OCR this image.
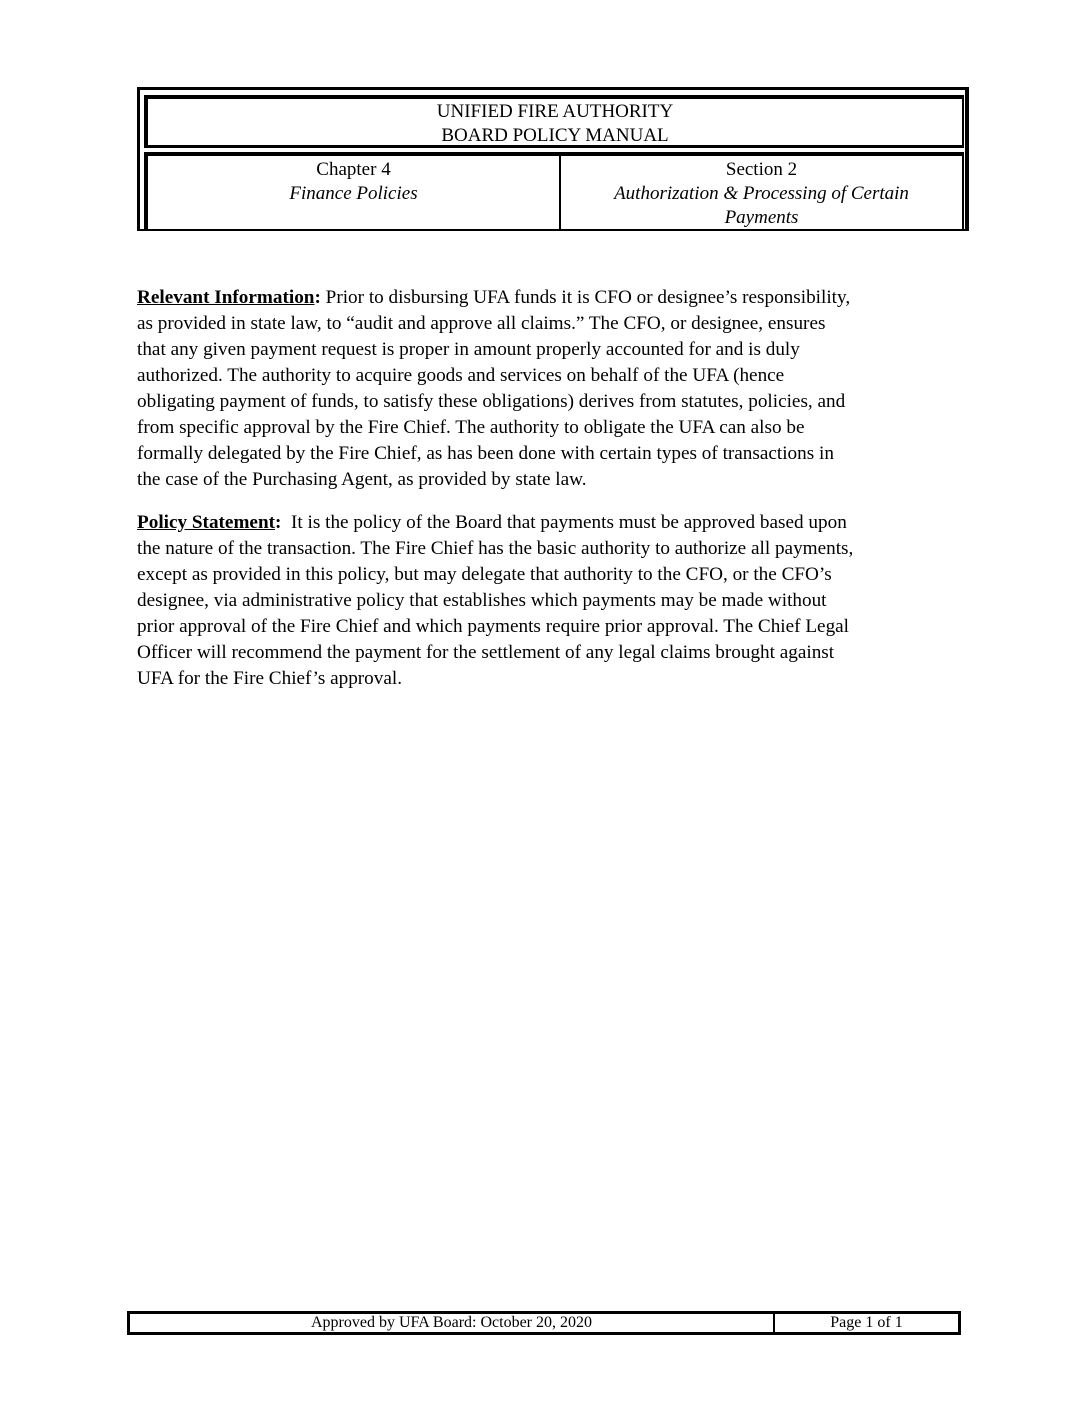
UNIFIED FIRE AUTHORITY
BOARD POLICY MANUAL
Chapter 4
Finance Policies
Section 2
Authorization & Processing of Certain
Payments
Relevant Information: Prior to disbursing UFA funds it is CFO or designee’s responsibility,
as provided in state law, to “audit and approve all claims.” The CFO, or designee, ensures
that any given payment request is proper in amount properly accounted for and is duly
authorized. The authority to acquire goods and services on behalf of the UFA (hence
obligating payment of funds, to satisfy these obligations) derives from statutes, policies, and
from specific approval by the Fire Chief. The authority to obligate the UFA can also be
formally delegated by the Fire Chief, as has been done with certain types of transactions in
the case of the Purchasing Agent, as provided by state law.
Policy Statement:  It is the policy of the Board that payments must be approved based upon
the nature of the transaction. The Fire Chief has the basic authority to authorize all payments,
except as provided in this policy, but may delegate that authority to the CFO, or the CFO’s
designee, via administrative policy that establishes which payments may be made without
prior approval of the Fire Chief and which payments require prior approval. The Chief Legal
Officer will recommend the payment for the settlement of any legal claims brought against
UFA for the Fire Chief’s approval.
Approved by UFA Board: October 20, 2020	Page 1 of 1
